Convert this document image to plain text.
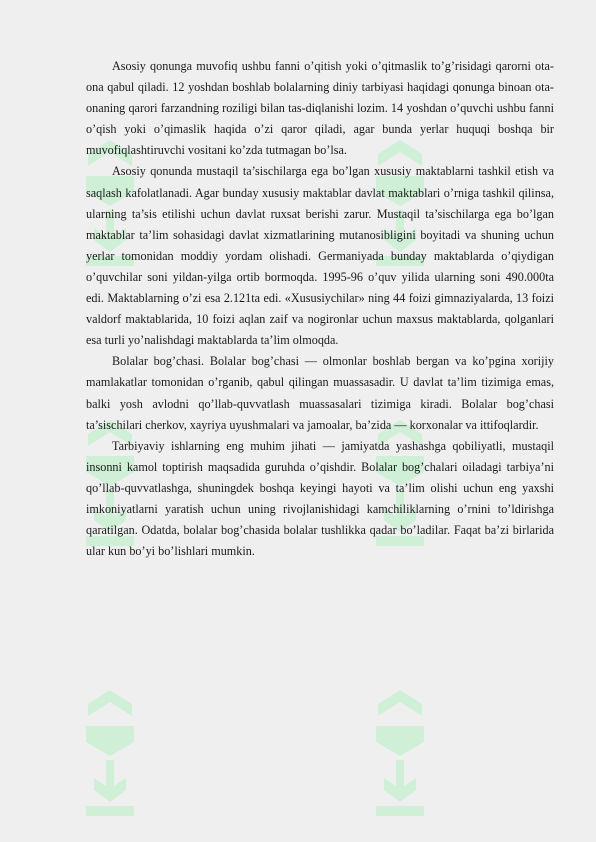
Asosiy qonunga muvofiq ushbu fanni o’qitish yoki o’qitmaslik to’g’risidagi qarorni ota-ona qabul qiladi. 12 yoshdan boshlab bolalarning diniy tarbiyasi haqidagi qonunga binoan ota-onaning qarori farzandning roziligi bilan tas-diqlanishi lozim. 14 yoshdan o’quvchi ushbu fanni o’qish yoki o’qimaslik haqida o’zi qaror qiladi, agar bunda yerlar huquqi boshqa bir muvofiqlashtiruvchi vositani ko’zda tutmagan bo’lsa.

Asosiy qonunda mustaqil ta’sischilarga ega bo’lgan xususiy maktablarni tashkil etish va saqlash kafolatlanadi. Agar bunday xususiy maktablar davlat maktablari o’rniga tashkil qilinsa, ularning ta’sis etilishi uchun davlat ruxsat berishi zarur. Mustaqil ta’sischilarga ega bo’lgan maktablar ta’lim sohasidagi davlat xizmatlarining mutanosibligini boyitadi va shuning uchun yerlar tomonidan moddiy yordam olishadi. Germaniyada bunday maktablarda o’qiydigan o’quvchilar soni yildan-yilga ortib bormoqda. 1995-96 o’quv yilida ularning soni 490.000ta edi. Maktablarning o’zi esa 2.121ta edi. «Xususiychilar» ning 44 foizi gimnaziyalarda, 13 foizi valdorf maktablarida, 10 foizi aqlan zaif va nogironlar uchun maxsus maktablarda, qolganlari esa turli yo’nalishdagi maktablarda ta’lim olmoqda.

Bolalar bog’chasi. Bolalar bog’chasi — olmonlar boshlab bergan va ko’pgina xorijiy mamlakatlar tomonidan o’rganib, qabul qilingan muassasadir. U davlat ta’lim tizimiga emas, balki yosh avlodni qo’llab-quvvatlash muassasalari tizimiga kiradi. Bolalar bog’chasi ta’sischilari cherkov, xayriya uyushmalari va jamoalar, ba’zida — korxonalar va ittifoqlardir.

Tarbiyaviy ishlarning eng muhim jihati — jamiyatda yashashga qobiliyatli, mustaqil insonni kamol toptirish maqsadida guruhda o’qishdir. Bolalar bog’chalari oiladagi tarbiya’ni qo’llab-quvvatlashga, shuningdek boshqa keyingi hayoti va ta’lim olishi uchun eng yaxshi imkoniyatlarni yaratish uchun uning rivojlanishidagi kamchiliklarning o’rnini to’ldirishga qaratilgan. Odatda, bolalar bog’chasida bolalar tushlikka qadar bo’ladilar. Faqat ba’zi birlarida ular kun bo’yi bo’lishlari mumkin.
